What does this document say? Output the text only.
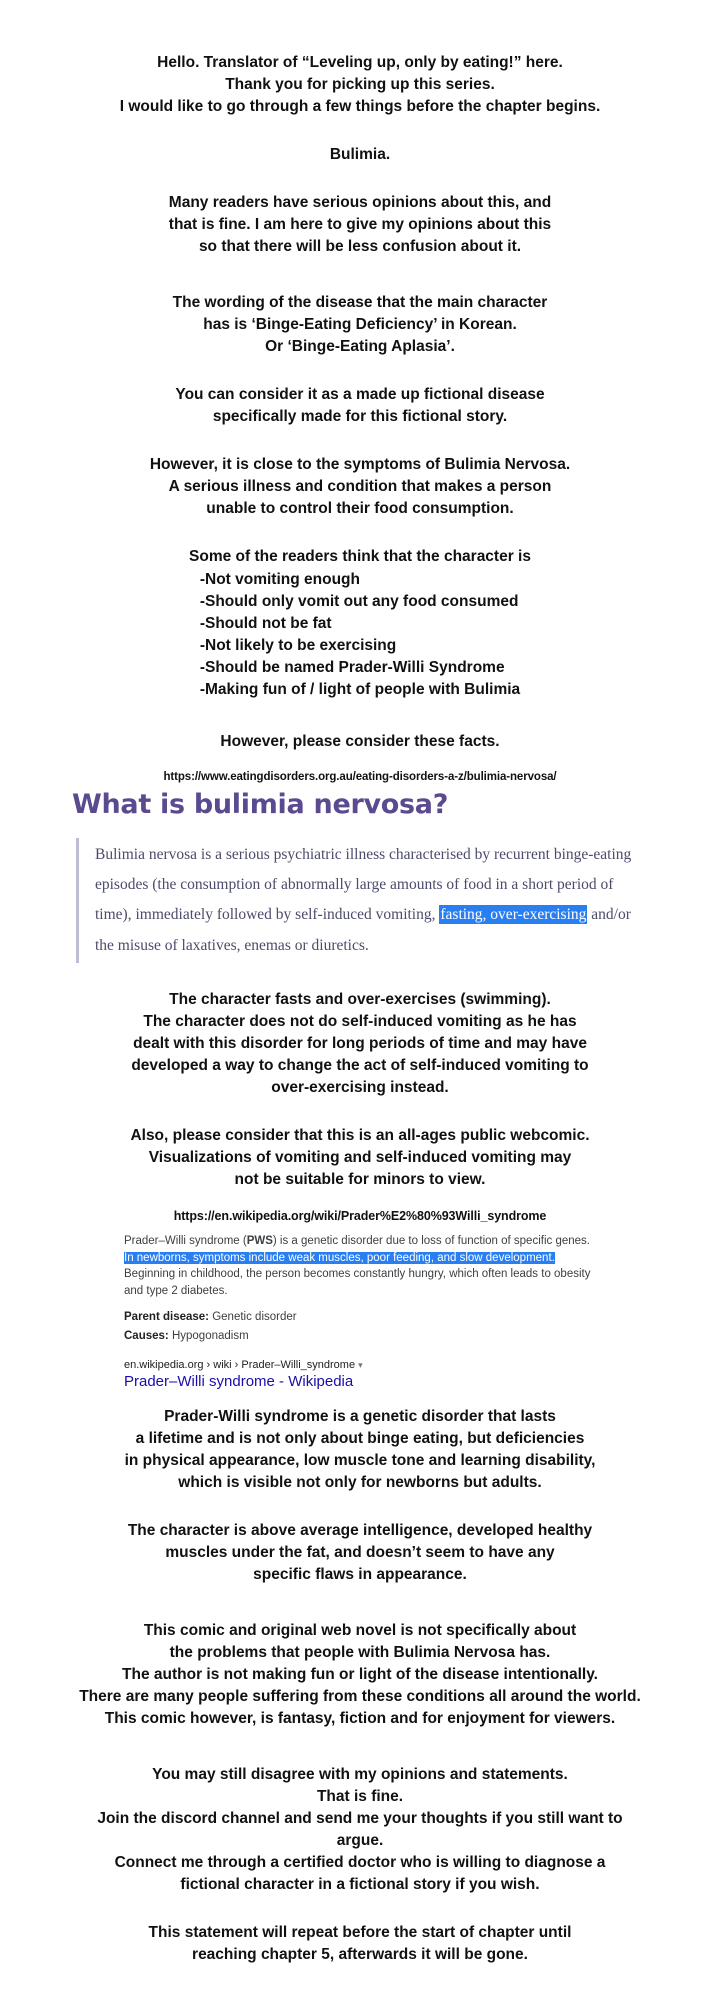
Hello. Translator of “Leveling up, only by eating!” here.
Thank you for picking up this series.
I would like to go through a few things before the chapter begins.
Bulimia.
Many readers have serious opinions about this, and
that is fine. I am here to give my opinions about this
so that there will be less confusion about it.
The wording of the disease that the main character
has is ‘Binge-Eating Deficiency’ in Korean.
Or ‘Binge-Eating Aplasia’.
You can consider it as a made up fictional disease
specifically made for this fictional story.
However, it is close to the symptoms of Bulimia Nervosa.
A serious illness and condition that makes a person
unable to control their food consumption.
Some of the readers think that the character is
-Not vomiting enough
-Should only vomit out any food consumed
-Should not be fat
-Not likely to be exercising
-Should be named Prader-Willi Syndrome
-Making fun of / light of people with Bulimia
However, please consider these facts.
https://www.eatingdisorders.org.au/eating-disorders-a-z/bulimia-nervosa/
What is bulimia nervosa?
Bulimia nervosa is a serious psychiatric illness characterised by recurrent binge-eating episodes (the consumption of abnormally large amounts of food in a short period of time), immediately followed by self-induced vomiting, fasting, over-exercising and/or the misuse of laxatives, enemas or diuretics.
The character fasts and over-exercises (swimming).
The character does not do self-induced vomiting as he has
dealt with this disorder for long periods of time and may have
developed a way to change the act of self-induced vomiting to
over-exercising instead.
Also, please consider that this is an all-ages public webcomic.
Visualizations of vomiting and self-induced vomiting may
not be suitable for minors to view.
https://en.wikipedia.org/wiki/Prader%E2%80%93Willi_syndrome

Prader–Willi syndrome (PWS) is a genetic disorder due to loss of function of specific genes. In newborns, symptoms include weak muscles, poor feeding, and slow development. Beginning in childhood, the person becomes constantly hungry, which often leads to obesity and type 2 diabetes.

Parent disease: Genetic disorder

Causes: Hypogonadism

en.wikipedia.org › wiki › Prader–Willi_syndrome ▾
Prader–Willi syndrome - Wikipedia
Prader-Willi syndrome is a genetic disorder that lasts
a lifetime and is not only about binge eating, but deficiencies
in physical appearance, low muscle tone and learning disability,
which is visible not only for newborns but adults.
The character is above average intelligence, developed healthy
muscles under the fat, and doesn’t seem to have any
specific flaws in appearance.
This comic and original web novel is not specifically about
the problems that people with Bulimia Nervosa has.
The author is not making fun or light of the disease intentionally.
There are many people suffering from these conditions all around the world.
This comic however, is fantasy, fiction and for enjoyment for viewers.
You may still disagree with my opinions and statements.
That is fine.
Join the discord channel and send me your thoughts if you still want to argue.
Connect me through a certified doctor who is willing to diagnose a
fictional character in a fictional story if you wish.
This statement will repeat before the start of chapter until
reaching chapter 5, afterwards it will be gone.
